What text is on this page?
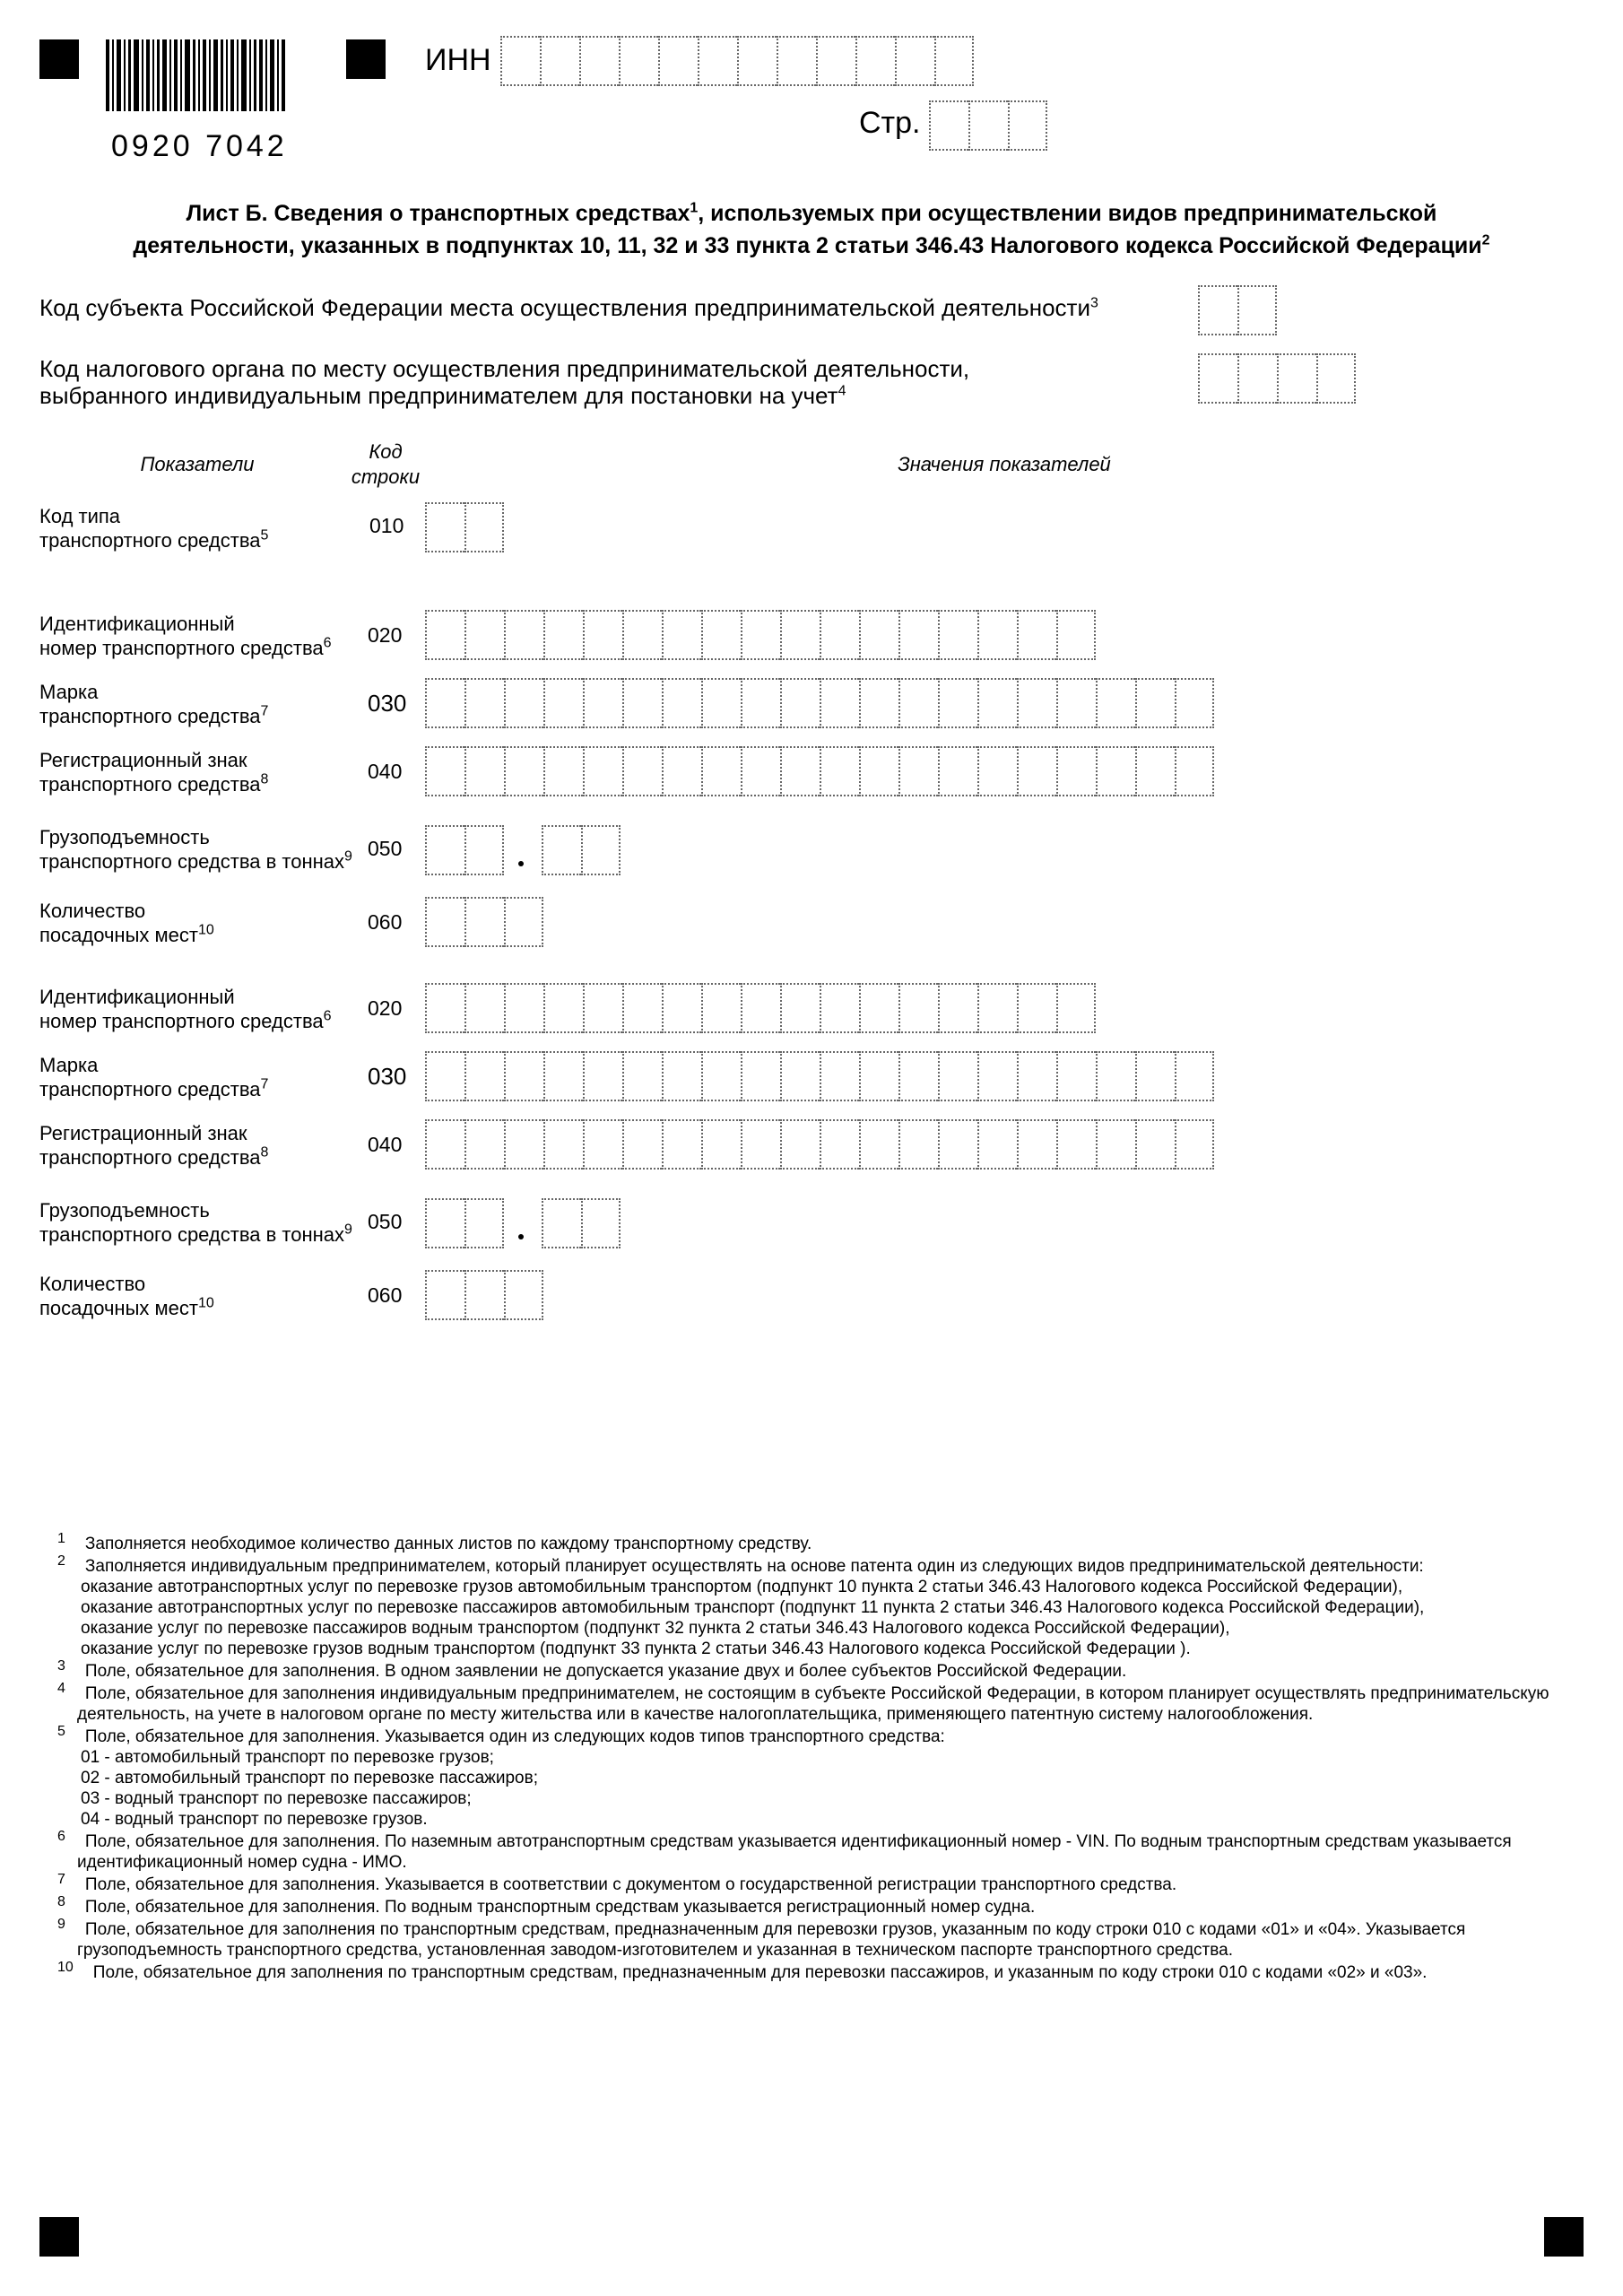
0920 7042
ИНН
Стр.
Лист Б. Сведения о транспортных средствах$^1$, используемых при осуществлении видов предпринимательской
деятельности, указанных в подпунктах 10, 11, 32 и 33 пункта 2 статьи 346.43 Налогового кодекса Российской Федерации$^2$
Код субъекта Российской Федерации места осуществления предпринимательской деятельности$^3$
Код налогового органа по месту осуществления предпринимательской деятельности,
выбранного индивидуальным предпринимателем для постановки на учет$^4$
Показатели
Код
строки
Значения показателей
Код типа
транспортного средства$^5$	010
Идентификационный
номер транспортного средства$^6$ 020
Марка
транспортного средства$^7$	030
Регистрационный знак
транспортного средства$^8$	040
Грузоподъемность
транспортного средства в тоннах$^9$ 050
Количество
посадочных мест$^{10}$	060
Идентификационный
номер транспортного средства$^6$ 020
Марка
транспортного средства$^7$	030
Регистрационный знак
транспортного средства$^8$	040
Грузоподъемность
транспортного средства в тоннах$^9$ 050
Количество
посадочных мест$^{10}$	060

$^1$ Заполняется необходимое количество данных листов по каждому транспортному средству.

$^2$ Заполняется индивидуальным предпринимателем, который планирует осуществлять на основе патента один из следующих видов предпринимательской деятельности:

оказание автотранспортных услуг по перевозке грузов автомобильным транспортом (подпункт 10 пункта 2 статьи 346.43 Налогового кодекса Российской Федерации),

оказание автотранспортных услуг по перевозке пассажиров автомобильным транспорт (подпункт 11 пункта 2 статьи 346.43 Налогового кодекса Российской Федерации),

оказание услуг по перевозке пассажиров водным транспортом (подпункт 32 пункта 2 статьи 346.43 Налогового кодекса Российской Федерации),

оказание услуг по перевозке грузов водным транспортом (подпункт 33 пункта 2 статьи 346.43 Налогового кодекса Российской Федерации ).

$^3$ Поле, обязательное для заполнения. В одном заявлении не допускается указание двух и более субъектов Российской Федерации.

$^4$ Поле, обязательное для заполнения индивидуальным предпринимателем, не состоящим в субъекте Российской Федерации, в котором планирует осуществлять предпринимательскую деятельность, на учете в налоговом органе по месту жительства или в качестве налогоплательщика, применяющего патентную систему налогообложения.

$^5$ Поле, обязательное для заполнения. Указывается один из следующих кодов типов транспортного средства:

01 - автомобильный транспорт по перевозке грузов;

02 - автомобильный транспорт по перевозке пассажиров;

03 - водный транспорт по перевозке пассажиров;

04 - водный транспорт по перевозке грузов.

$^6$ Поле, обязательное для заполнения. По наземным автотранспортным средствам указывается идентификационный номер - VIN. По водным транспортным средствам указывается идентификационный номер судна - ИМО.

$^7$ Поле, обязательное для заполнения. Указывается в соответствии с документом о государственной регистрации транспортного средства.

$^8$ Поле, обязательное для заполнения. По водным транспортным средствам указывается регистрационный номер судна.

$^9$ Поле, обязательное для заполнения по транспортным средствам, предназначенным для перевозки грузов, указанным по коду строки 010 с кодами «01» и «04». Указывается грузоподъемность транспортного средства, установленная заводом-изготовителем и указанная в техническом паспорте транспортного средства.

$^{10}$ Поле, обязательное для заполнения по транспортным средствам, предназначенным для перевозки пассажиров, и указанным по коду строки 010 с кодами «02» и «03».
